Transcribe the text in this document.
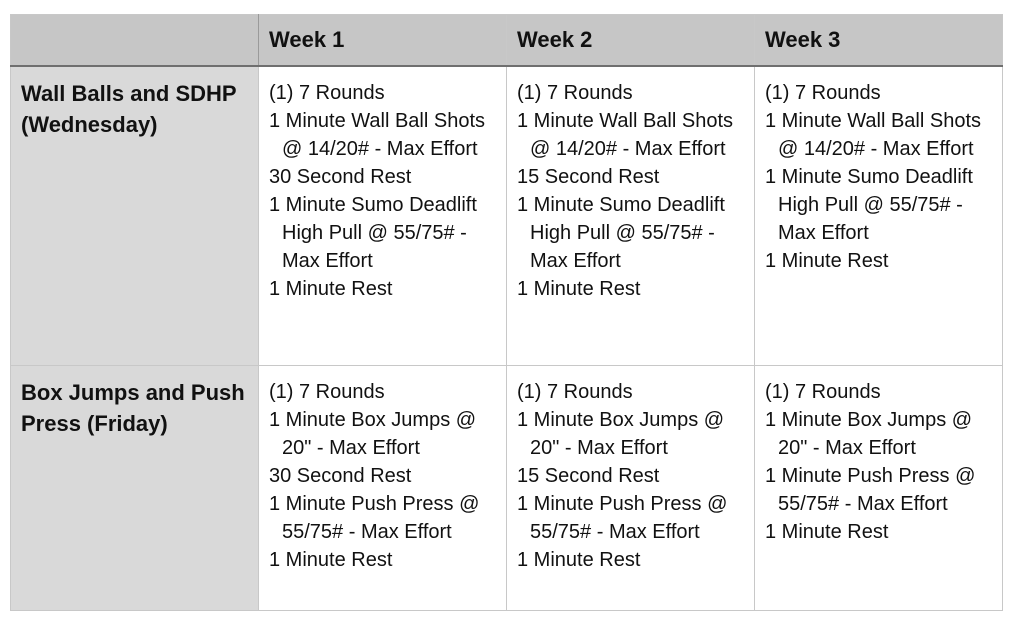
	Week 1	Week 2	Week 3
Wall Balls and SDHP (Wednesday)	(1) 7 Rounds
1 Minute Wall Ball Shots @ 14/20# - Max Effort
30 Second Rest
1 Minute Sumo Deadlift High Pull @ 55/75# - Max Effort
1 Minute Rest	(1) 7 Rounds
1 Minute Wall Ball Shots @ 14/20# - Max Effort
15 Second Rest
1 Minute Sumo Deadlift High Pull @ 55/75# - Max Effort
1 Minute Rest	(1) 7 Rounds
1 Minute Wall Ball Shots @ 14/20# - Max Effort
1 Minute Sumo Deadlift High Pull @ 55/75# - Max Effort
1 Minute Rest

Box Jumps and Push Press (Friday)	(1) 7 Rounds
1 Minute Box Jumps @ 20" - Max Effort
30 Second Rest
1 Minute Push Press @ 55/75# - Max Effort
1 Minute Rest	(1) 7 Rounds
1 Minute Box Jumps @ 20" - Max Effort
15 Second Rest
1 Minute Push Press @ 55/75# - Max Effort
1 Minute Rest	(1) 7 Rounds
1 Minute Box Jumps @ 20" - Max Effort
1 Minute Push Press @ 55/75# - Max Effort
1 Minute Rest
